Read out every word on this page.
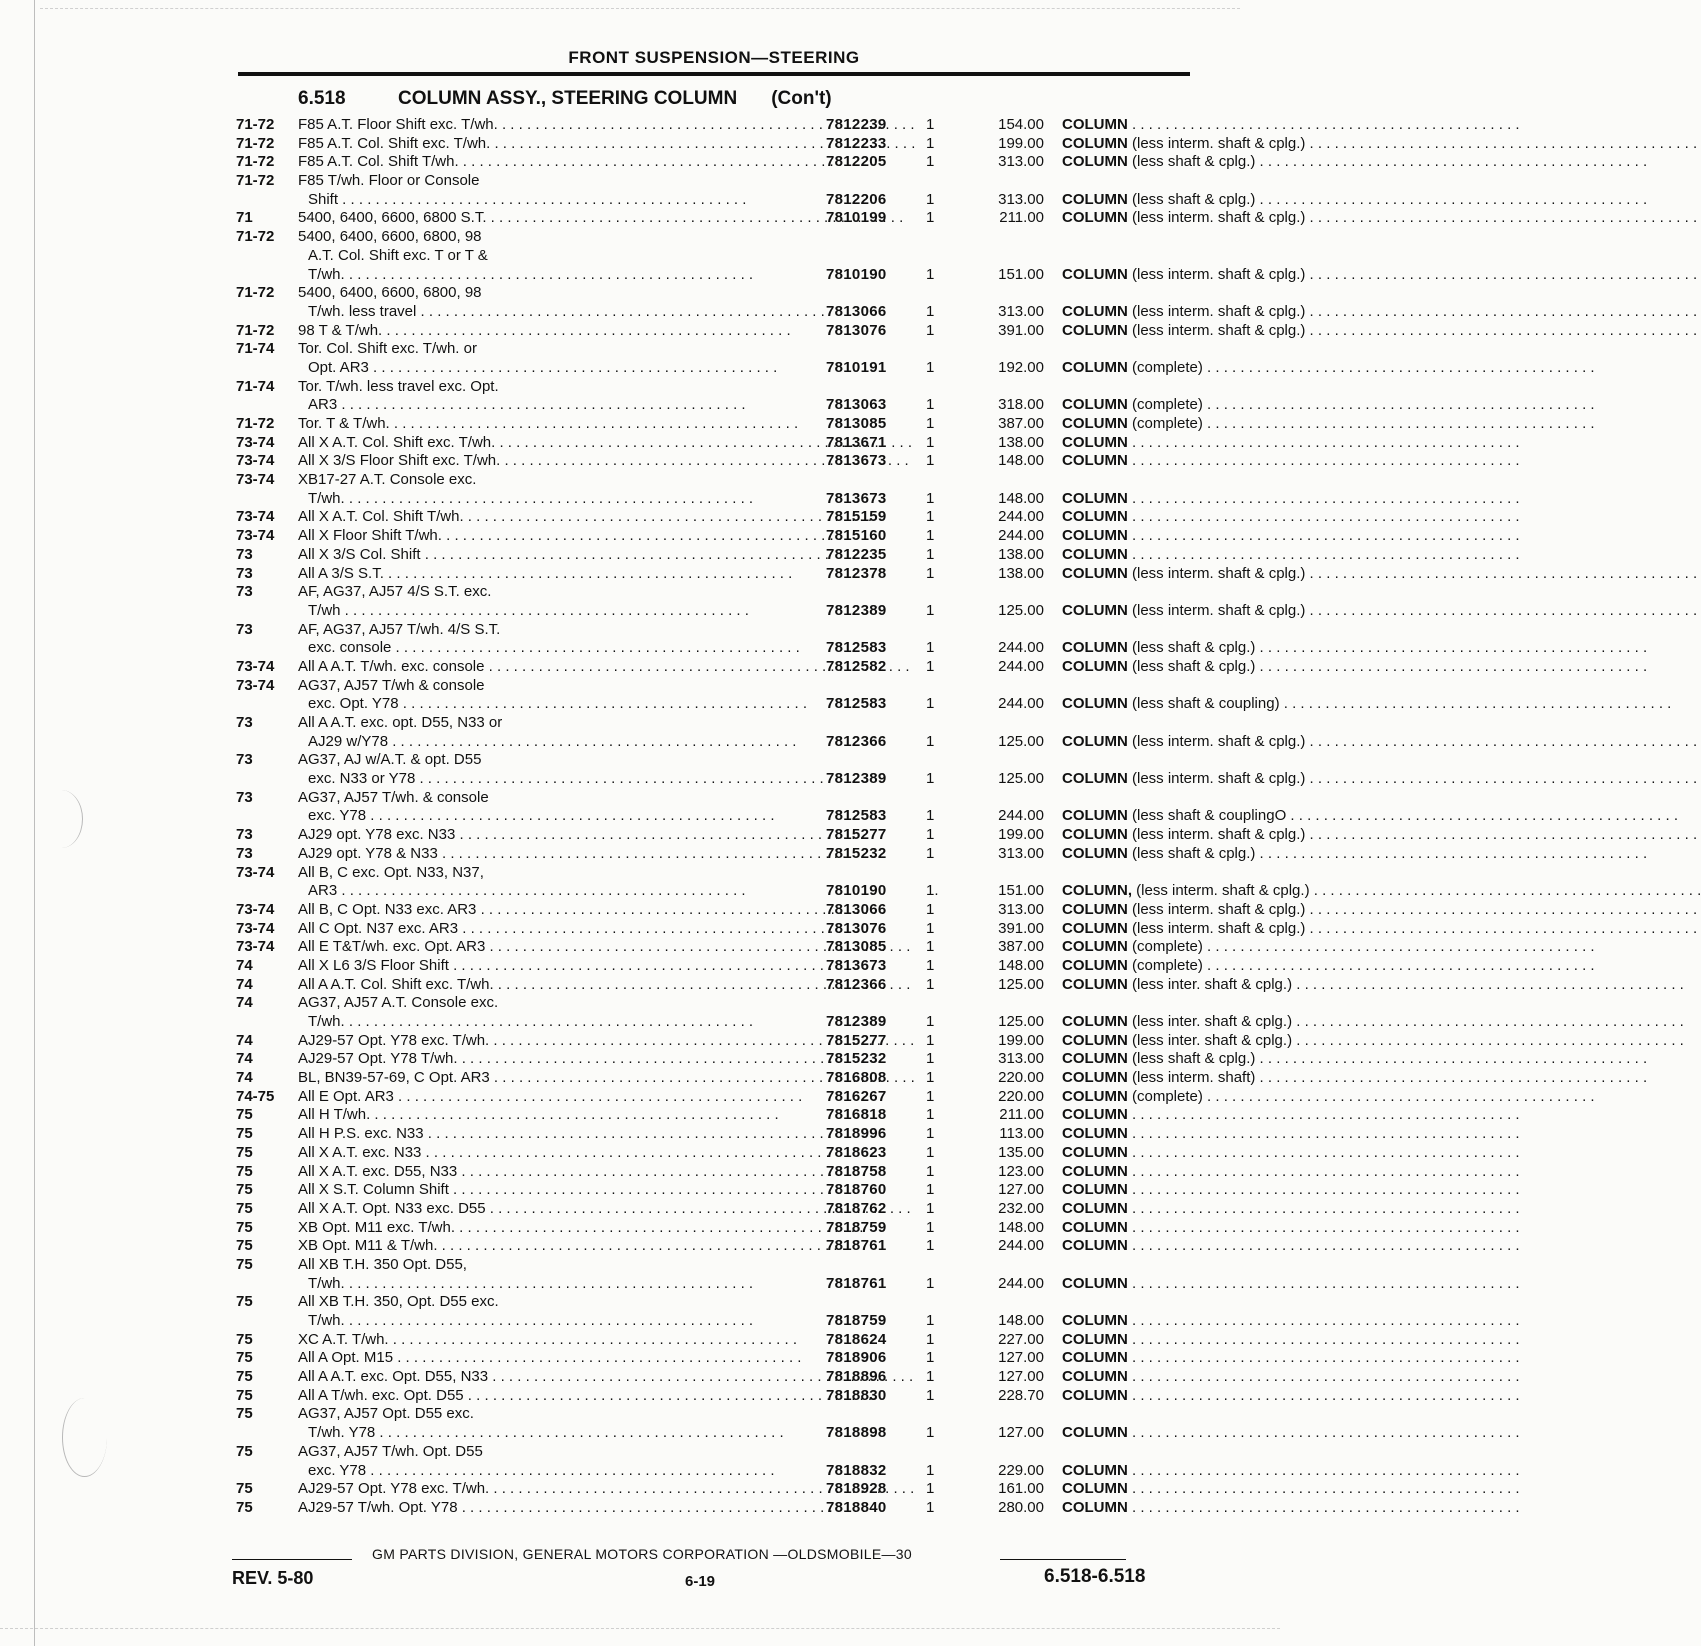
FRONT SUSPENSION—STEERING
6.518	COLUMN ASSY., STEERING COLUMN (Con't)
71-72 F85 A.T. Floor Shift exc. T/wh. . . . .	7812239	1	154.00 COLUMN . . .
71-72 F85 A.T. Col. Shift exc. T/wh. . . . . .	7812233	1	199.00 COLUMN (less interm. shaft & cplg.) . . .
71-72 F85 A.T. Col. Shift T/wh. . . .	7812205	1	313.00 COLUMN (less shaft & cplg.) . . .
71-72 F85 T/wh. Floor or Console
Shift . . .	7812206	1	313.00 COLUMN (less shaft & cplg.) . . .
71	5400, 6400, 6600, 6800 S.T. . . . .	7810199	1	211.00 COLUMN (less interm. shaft & cplg.) . . .
71-72 5400, 6400, 6600, 6800, 98
A.T. Col. Shift exc. T or T &
T/wh. . . .	7810190	1	151.00 COLUMN (less interm. shaft & cplg.) . . .
71-72 5400, 6400, 6600, 6800, 98
T/wh. less travel . . .	7813066	1	313.00 COLUMN (less interm. shaft & cplg.) . . .
71-72 98 T & T/wh. . . .	7813076	1	391.00 COLUMN (less interm. shaft & cplg.) . . .
71-74 Tor. Col. Shift exc. T/wh. or
Opt. AR3 . . .	7810191	1	192.00 COLUMN (complete) . . .
71-74 Tor. T/wh. less travel exc. Opt.
AR3 . . .	7813063	1	318.00 COLUMN (complete) . . .
71-72 Tor. T & T/wh. . . .	7813085	1	387.00 COLUMN (complete) . . .
73-74 All X A.T. Col. Shift exc. T/wh. . . . .	7813671	1	138.00 COLUMN . . .
73-74 All X 3/S Floor Shift exc. T/wh. . . .	7813673	1	148.00 COLUMN . . .
73-74 XB17-27 A.T. Console exc.
T/wh. . . .	7813673	1	148.00 COLUMN . . .
73-74 All X A.T. Col. Shift T/wh. . . .	7815159	1	244.00 COLUMN . . .
73-74 All X Floor Shift T/wh. . . .	7815160	1	244.00 COLUMN . . .
73	All X 3/S Col. Shift . . .	7812235	1	138.00 COLUMN . . .
73	All A 3/S S.T. . . .	7812378	1	138.00 COLUMN (less interm. shaft & cplg.) . . .
73	AF, AG37, AJ57 4/S S.T. exc.
T/wh . . .	7812389	1	125.00 COLUMN (less interm. shaft & cplg.) . . .
73	AF, AG37, AJ57 T/wh. 4/S S.T.
exc. console . . .	7812583	1	244.00 COLUMN (less shaft & cplg.) . . .
73-74 All A A.T. T/wh. exc. console . . . . .	7812582	1	244.00 COLUMN (less shaft & cplg.) . . .
73-74 AG37, AJ57 T/wh & console
exc. Opt. Y78 . . .	7812583	1	244.00 COLUMN (less shaft & coupling) . . .
73	All A A.T. exc. opt. D55, N33 or
AJ29 w/Y78 . . .	7812366	1	125.00 COLUMN (less interm. shaft & cplg.) . . .
73	AG37, AJ w/A.T. & opt. D55
exc. N33 or Y78 . . .	7812389	1	125.00 COLUMN (less interm. shaft & cplg.) . . .
73	AG37, AJ57 T/wh. & console
exc. Y78 . . .	7812583	1	244.00 COLUMN (less shaft & couplingO . . .
73	AJ29 opt. Y78 exc. N33 . . .	7815277	1	199.00 COLUMN (less interm. shaft & cplg.) . . .
73	AJ29 opt. Y78 & N33 . . .	7815232	1	313.00 COLUMN (less shaft & cplg.) . . .
73-74 All B, C exc. Opt. N33, N37,
AR3 . . .	7810190	1.	151.00 COLUMN, (less interm. shaft & cplg.) . . .
73-74 All B, C Opt. N33 exc. AR3 . . .	7813066	1	313.00 COLUMN (less interm. shaft & cplg.) . . .
73-74 All C Opt. N37 exc. AR3 . . .	7813076	1	391.00 COLUMN (less interm. shaft & cplg.) . . .
73-74 All E T&T/wh. exc. Opt. AR3 . . . . .	7813085	1	387.00 COLUMN (complete) . . .
74	All X L6 3/S Floor Shift . . .	7813673	1	148.00 COLUMN (complete) . . .
74	All A A.T. Col. Shift exc. T/wh. . . . .	7812366	1	125.00 COLUMN (less inter. shaft & cplg.) . . .
74	AG37, AJ57 A.T. Console exc.
T/wh. . . .	7812389	1	125.00 COLUMN (less inter. shaft & cplg.) . . .
74	AJ29-57 Opt. Y78 exc. T/wh. . . . . .	7815277	1	199.00 COLUMN (less inter. shaft & cplg.) . . .
74	AJ29-57 Opt. Y78 T/wh. . . .	7815232	1	313.00 COLUMN (less shaft & cplg.) . . .
74	BL, BN39-57-69, C Opt. AR3 . . . . .	7816808	1	220.00 COLUMN (less interm. shaft) . . .
74-75 All E Opt. AR3 . . .	7816267	1	220.00 COLUMN (complete) . . .
75	All H T/wh. . . .	7816818	1	211.00 COLUMN . . .
75	All H P.S. exc. N33 . . .	7818996	1	113.00 COLUMN . . .
75	All X A.T. exc. N33 . . .	7818623	1	135.00 COLUMN . . .
75	All X A.T. exc. D55, N33 . . .	7818758	1	123.00 COLUMN . . .
75	All X S.T. Column Shift . . .	7818760	1	127.00 COLUMN . . .
75	All X A.T. Opt. N33 exc. D55 . . . . .	7818762	1	232.00 COLUMN . . .
75	XB Opt. M11 exc. T/wh. . . .	7818759	1	148.00 COLUMN . . .
75	XB Opt. M11 & T/wh. . . .	7818761	1	244.00 COLUMN . . .
75	All XB T.H. 350 Opt. D55,
T/wh. . . .	7818761	1	244.00 COLUMN . . .
75	All XB T.H. 350, Opt. D55 exc.
T/wh. . . .	7818759	1	148.00 COLUMN . . .
75	XC A.T. T/wh. . . .	7818624	1	227.00 COLUMN . . .
75	All A Opt. M15 . . .	7818906	1	127.00 COLUMN . . .
75	All A A.T. exc. Opt. D55, N33 . . . . .	7818896	1	127.00 COLUMN . . .
75	All A T/wh. exc. Opt. D55 . . .	7818830	1	228.70 COLUMN . . .
75	AG37, AJ57 Opt. D55 exc.
T/wh. Y78 . . .	7818898	1	127.00 COLUMN . . .
75	AG37, AJ57 T/wh. Opt. D55
exc. Y78 . . .	7818832	1	229.00 COLUMN . . .
75	AJ29-57 Opt. Y78 exc. T/wh. . . . . .	7818928	1	161.00 COLUMN . . .
75	AJ29-57 T/wh. Opt. Y78 . . .	7818840	1	280.00 COLUMN . . .
GM PARTS DIVISION, GENERAL MOTORS CORPORATION —OLDSMOBILE—30
REV. 5-80	6-19	6.518-6.518
